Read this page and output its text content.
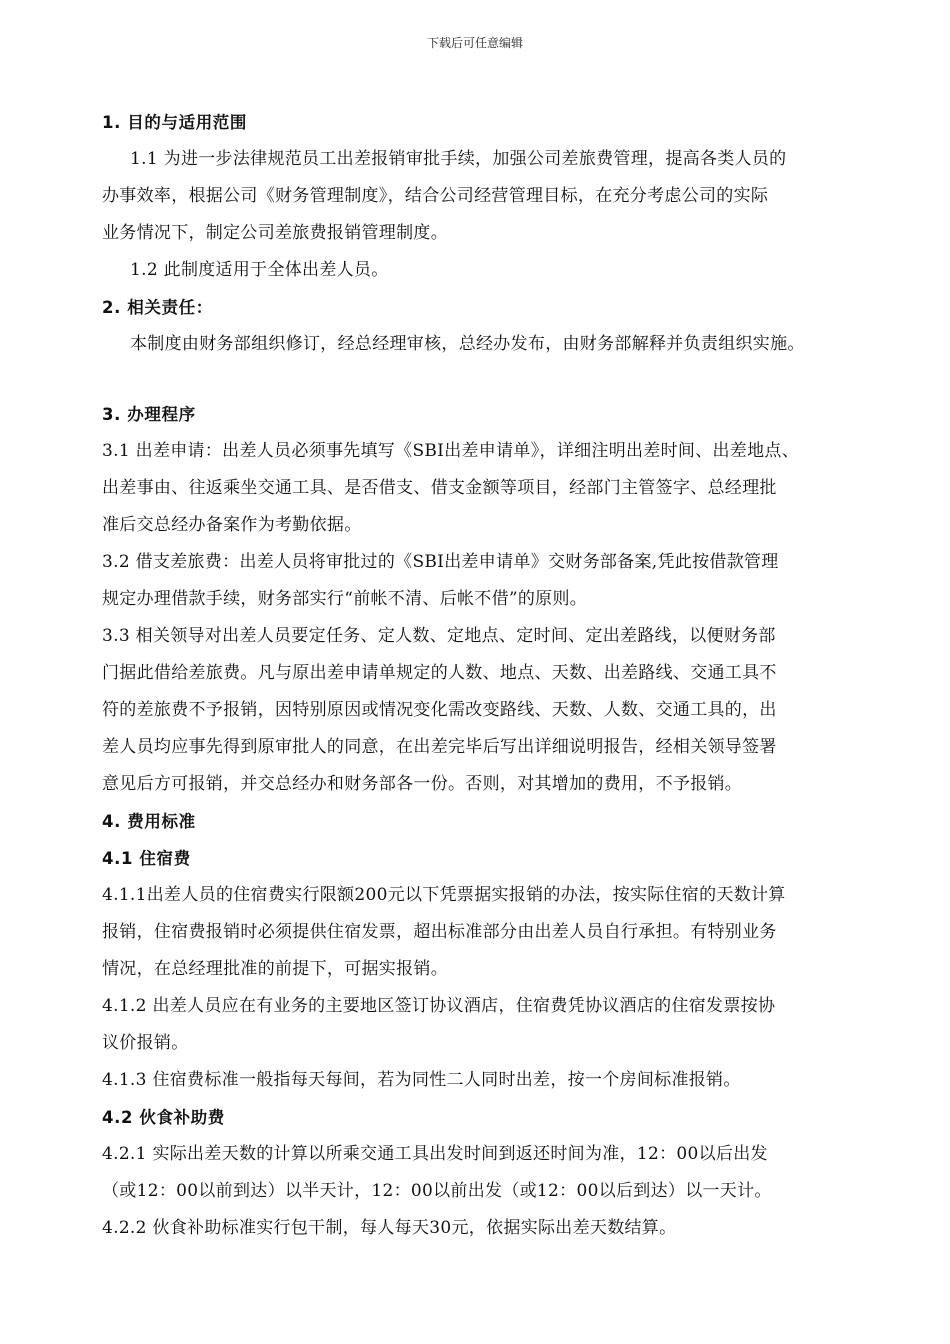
下载后可任意编辑
1. 目的与适用范围
1.1 为进一步法律规范员工出差报销审批手续，加强公司差旅费管理，提高各类人员的
办事效率，根据公司《财务管理制度》，结合公司经营管理目标，在充分考虑公司的实际
业务情况下，制定公司差旅费报销管理制度。
1.2 此制度适用于全体出差人员。
2. 相关责任：
本制度由财务部组织修订，经总经理审核，总经办发布，由财务部解释并负责组织实施。
3. 办理程序
3.1 出差申请：出差人员必须事先填写《SBI出差申请单》，详细注明出差时间、出差地点、
出差事由、往返乘坐交通工具、是否借支、借支金额等项目，经部门主管签字、总经理批
准后交总经办备案作为考勤依据。
3.2 借支差旅费：出差人员将审批过的《SBI出差申请单》交财务部备案,凭此按借款管理
规定办理借款手续，财务部实行“前帐不清、后帐不借”的原则。
3.3 相关领导对出差人员要定任务、定人数、定地点、定时间、定出差路线，以便财务部
门据此借给差旅费。凡与原出差申请单规定的人数、地点、天数、出差路线、交通工具不
符的差旅费不予报销，因特别原因或情况变化需改变路线、天数、人数、交通工具的，出
差人员均应事先得到原审批人的同意，在出差完毕后写出详细说明报告，经相关领导签署
意见后方可报销，并交总经办和财务部各一份。否则，对其增加的费用，不予报销。
4. 费用标准
4.1 住宿费
4.1.1出差人员的住宿费实行限额200元以下凭票据实报销的办法，按实际住宿的天数计算
报销，住宿费报销时必须提供住宿发票，超出标准部分由出差人员自行承担。有特别业务
情况，在总经理批准的前提下，可据实报销。
4.1.2 出差人员应在有业务的主要地区签订协议酒店，住宿费凭协议酒店的住宿发票按协
议价报销。
4.1.3 住宿费标准一般指每天每间，若为同性二人同时出差，按一个房间标准报销。
4.2 伙食补助费
4.2.1 实际出差天数的计算以所乘交通工具出发时间到返还时间为准，12：00以后出发
（或12：00以前到达）以半天计，12：00以前出发（或12：00以后到达）以一天计。
4.2.2 伙食补助标准实行包干制，每人每天30元，依据实际出差天数结算。
